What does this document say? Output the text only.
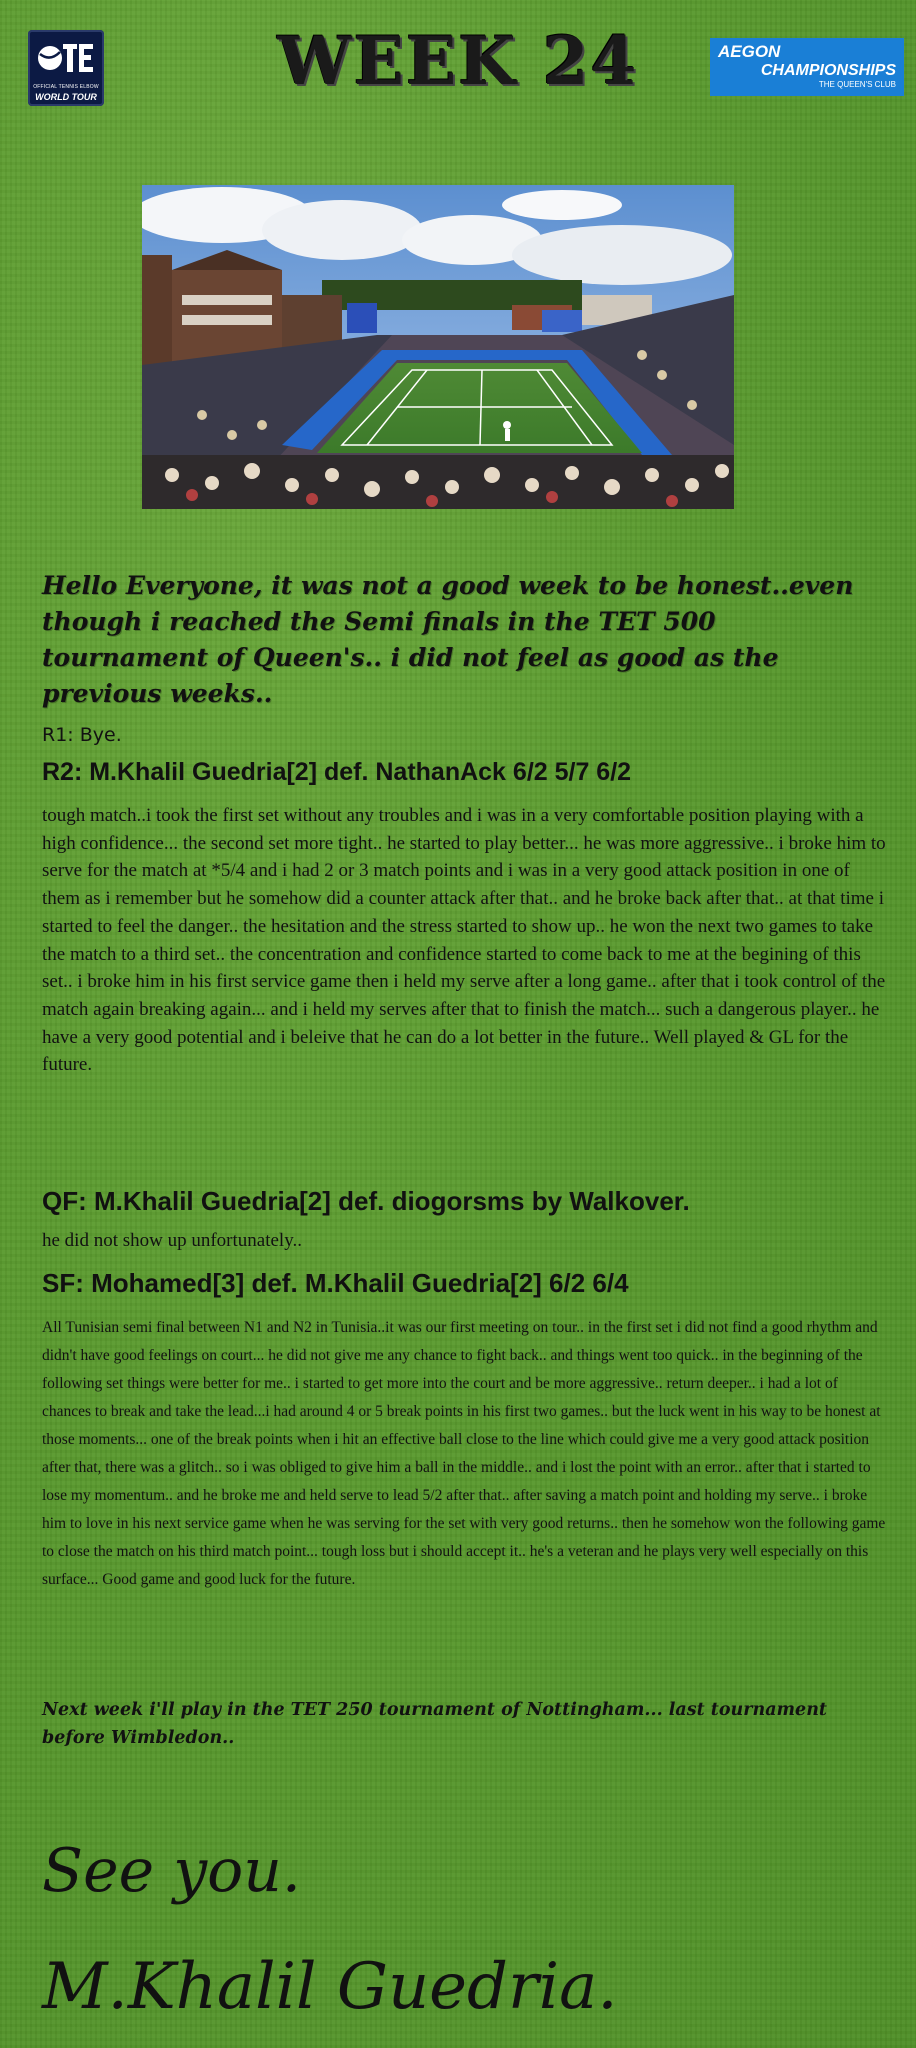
OFFICIAL TENNIS ELBOW
WORLD TOUR	WEEK 24	AEGON
CHAMPIONSHIPS
THE QUEEN'S CLUB
Hello Everyone, it was not a good week to be honest..even though i reached the Semi finals in the TET 500 tournament of Queen's.. i did not feel as good as the previous weeks..
R1: Bye.
R2: M.Khalil Guedria[2] def. NathanAck 6/2 5/7 6/2
tough match..i took the first set without any troubles and i was in a very comfortable position playing with a high confidence... the second set more tight.. he started to play better... he was more aggressive.. i broke him to serve for the match at *5/4 and i had 2 or 3 match points and i was in a very good attack position in one of them as i remember but he somehow did a counter attack after that.. and he broke back after that.. at that time i started to feel the danger.. the hesitation and the stress started to show up.. he won the next two games to take the match to a third set.. the concentration and confidence started to come back to me at the begining of this set.. i broke him in his first service game then i held my serve after a long game.. after that i took control of the match again breaking again... and i held my serves after that to finish the match... such a dangerous player.. he have a very good potential and i beleive that he can do a lot better in the future.. Well played & GL for the future.
QF: M.Khalil Guedria[2] def. diogorsms by Walkover.
he did not show up unfortunately..
SF: Mohamed[3] def. M.Khalil Guedria[2] 6/2 6/4
All Tunisian semi final between N1 and N2 in Tunisia..it was our first meeting on tour.. in the first set i did not find a good rhythm and didn't have good feelings on court... he did not give me any chance to fight back.. and things went too quick.. in the beginning of the following set things were better for me.. i started to get more into the court and be more aggressive.. return deeper.. i had a lot of chances to break and take the lead...i had around 4 or 5 break points in his first two games.. but the luck went in his way to be honest at those moments... one of the break points when i hit an effective ball close to the line which could give me a very good attack position after that, there was a glitch.. so i was obliged to give him a ball in the middle.. and i lost the point with an error.. after that i started to lose my momentum.. and he broke me and held serve to lead 5/2 after that.. after saving a match point and holding my serve.. i broke him to love in his next service game when he was serving for the set with very good returns.. then he somehow won the following game to close the match on his third match point... tough loss but i should accept it.. he's a veteran and he plays very well especially on this surface... Good game and good luck for the future.
Next week i'll play in the TET 250 tournament of Nottingham... last tournament before Wimbledon..
See you.
M.Khalil Guedria.
